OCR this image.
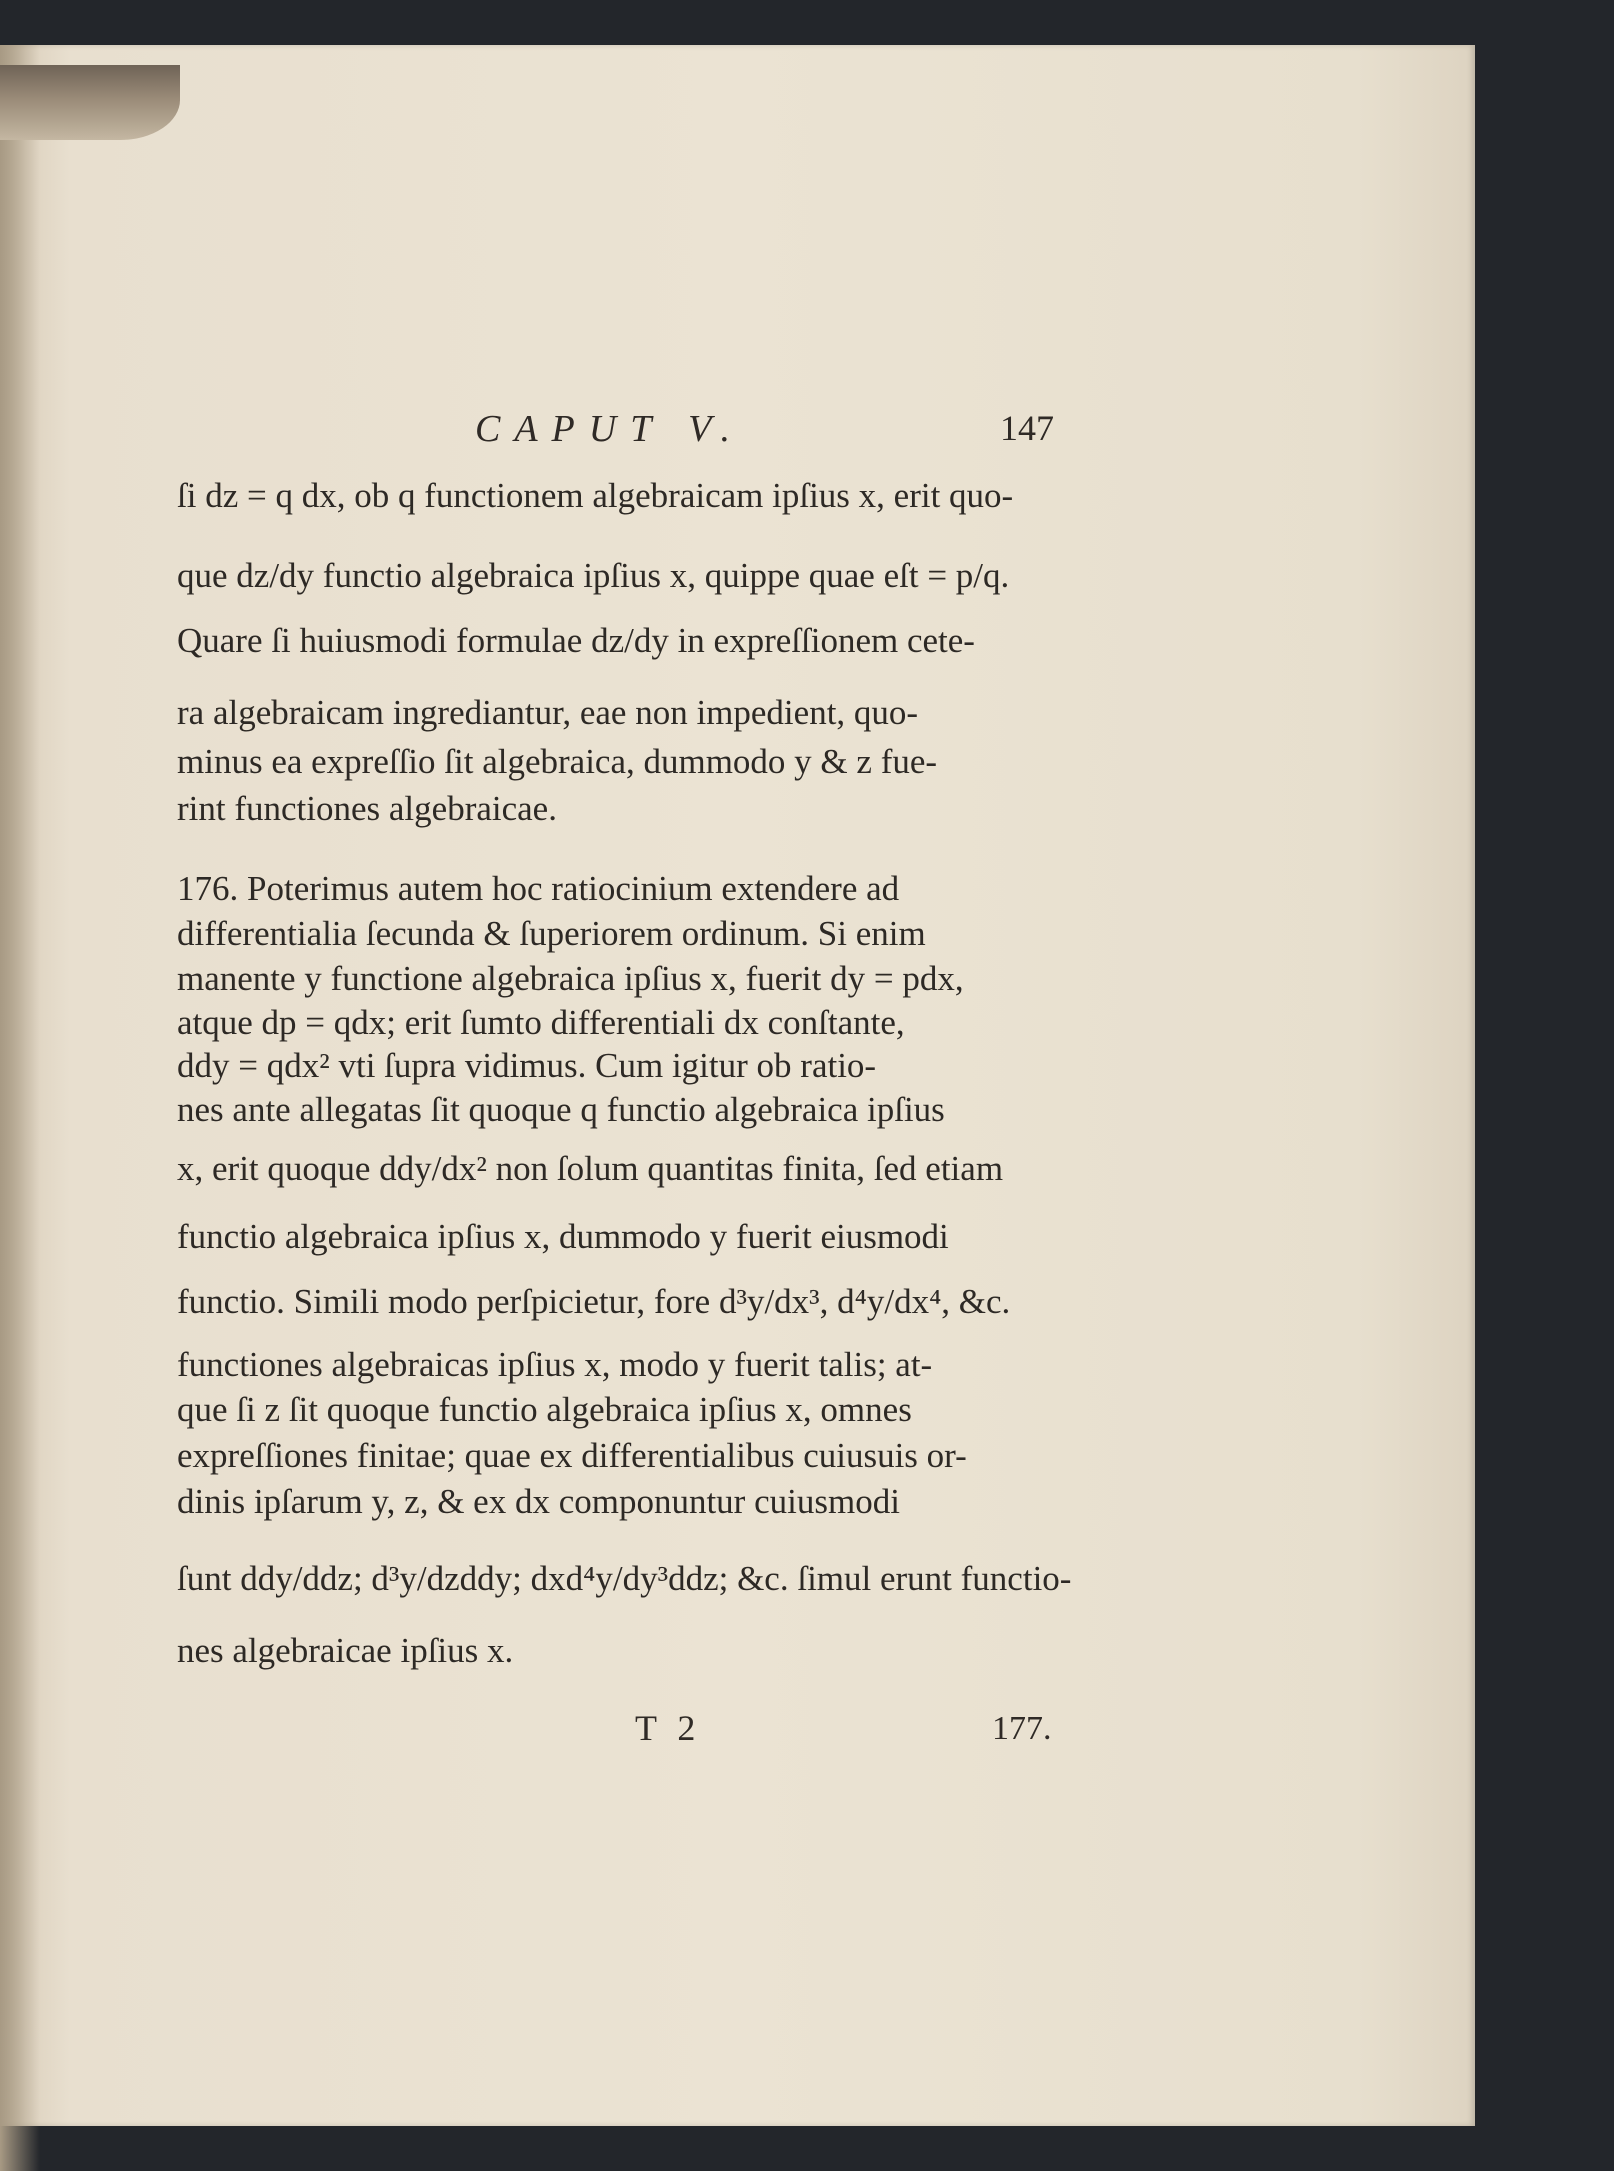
CAPUT V.	147
ſi dz = q dx, ob q functionem algebraicam ipſius x, erit quo-
que dz/dy functio algebraica ipſius x, quippe quae eſt = p/q.
Quare ſi huiusmodi formulae dz/dy in expreſſionem cete-
ra algebraicam ingrediantur, eae non impedient, quo-
minus ea expreſſio ſit algebraica, dummodo y & z fue-
rint functiones algebraicae.
176. Poterimus autem hoc ratiocinium extendere ad
differentialia ſecunda & ſuperiorem ordinum. Si enim
manente y functione algebraica ipſius x, fuerit dy = pdx,
atque dp = qdx; erit ſumto differentiali dx conſtante,
ddy = qdx² vti ſupra vidimus. Cum igitur ob ratio-
nes ante allegatas ſit quoque q functio algebraica ipſius
x, erit quoque ddy/dx² non ſolum quantitas finita, ſed etiam
functio algebraica ipſius x, dummodo y fuerit eiusmodi
functio. Simili modo perſpicietur, fore d³y/dx³, d⁴y/dx⁴, &c.
functiones algebraicas ipſius x, modo y fuerit talis; at-
que ſi z ſit quoque functio algebraica ipſius x, omnes
expreſſiones finitae; quae ex differentialibus cuiusuis or-
dinis ipſarum y, z, & ex dx componuntur cuiusmodi
ſunt ddy/ddz; d³y/dzddy; dxd⁴y/dy³ddz; &c. ſimul erunt functio-
nes algebraicae ipſius x.
T 2	177.
